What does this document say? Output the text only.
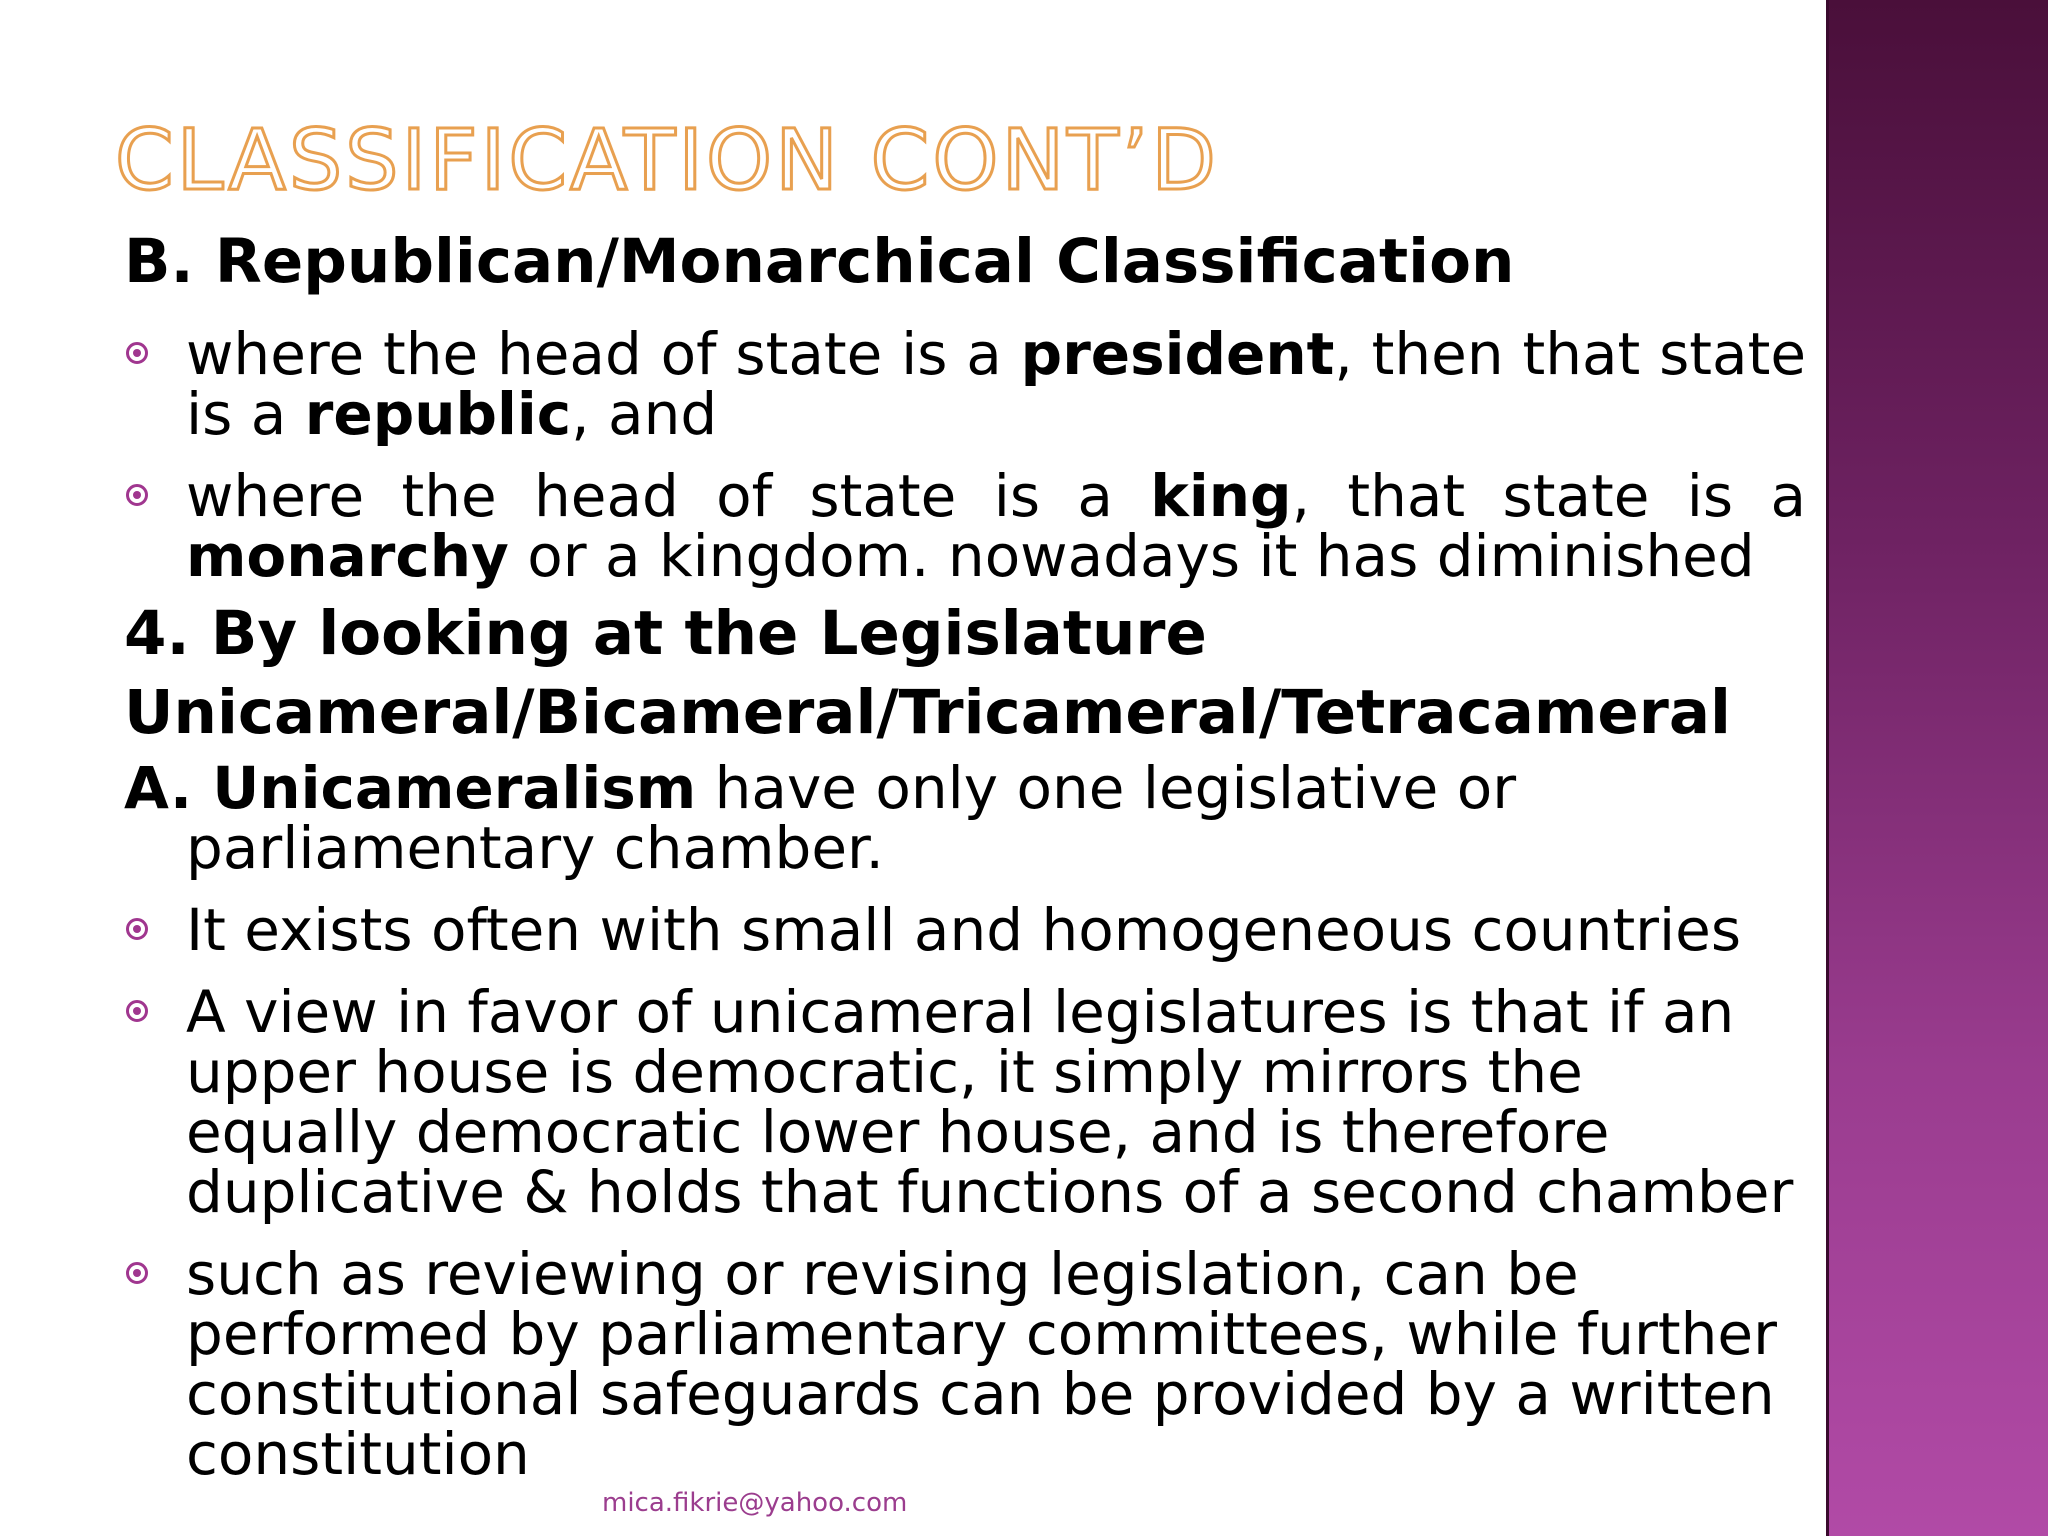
CLASSIFICATION CONT’D
B. Republican/Monarchical Classification
where the head of state is a president, then that state is a republic, and
where the head of state is a king, that state is a monarchy or a kingdom. nowadays it has diminished
4. By looking at the Legislature
Unicameral/Bicameral/Tricameral/Tetracameral

A. Unicameralism have only one legislative or parliamentary chamber.

It exists often with small and homogeneous countries
A view in favor of unicameral legislatures is that if an upper house is democratic, it simply mirrors the equally democratic lower house, and is therefore duplicative & holds that functions of a second chamber
such as reviewing or revising legislation, can be performed by parliamentary committees, while further constitutional safeguards can be provided by a written constitution
mica.fikrie@yahoo.com
